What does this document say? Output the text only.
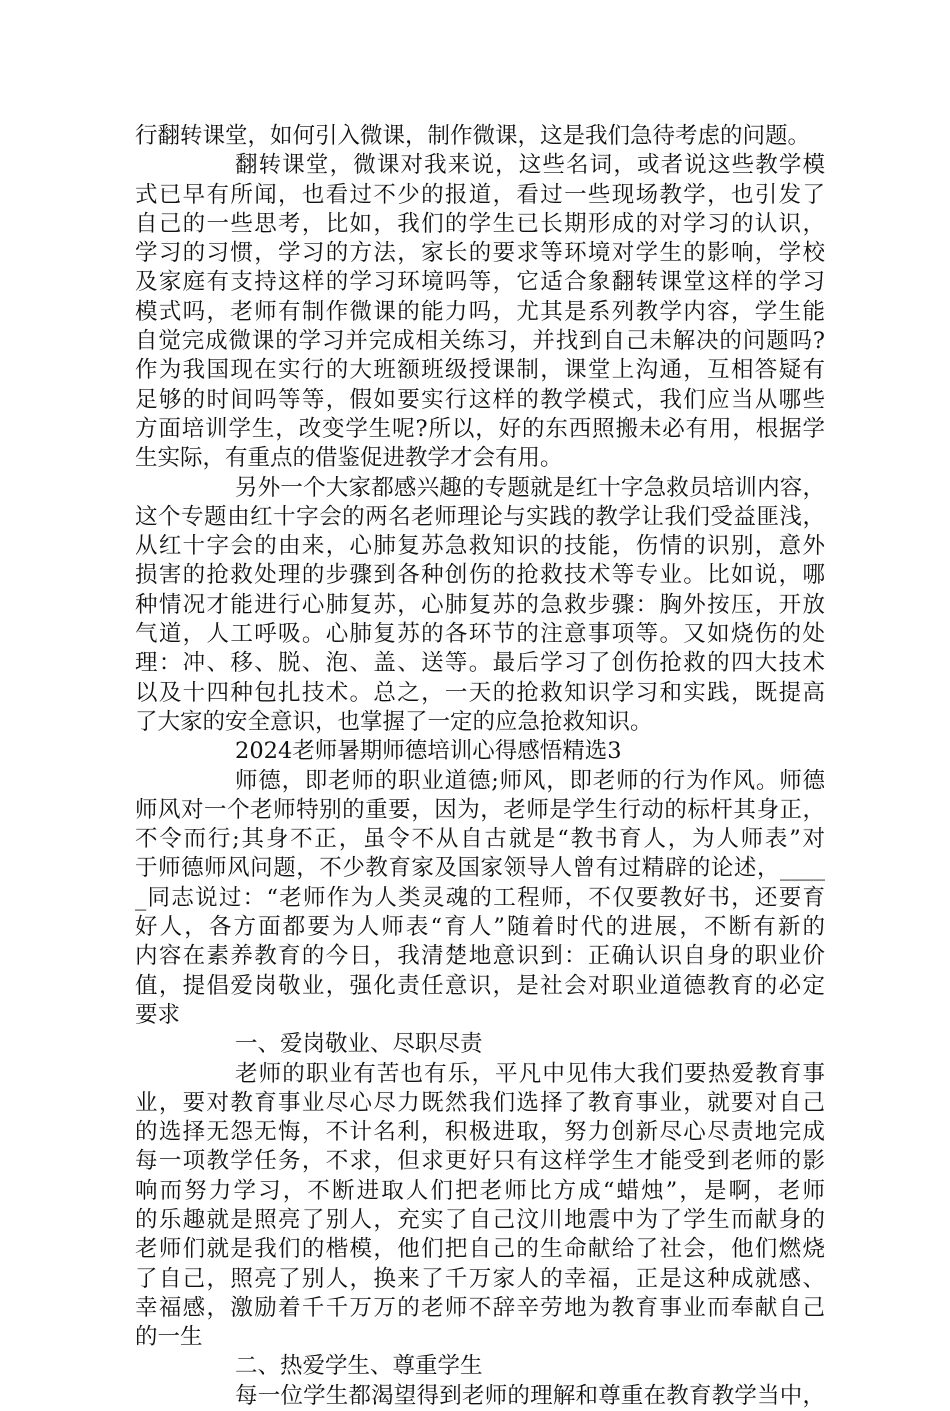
行翻转课堂，如何引入微课，制作微课，这是我们急待考虑的问题。
翻转课堂，微课对我来说，这些名词，或者说这些教学模
式已早有所闻，也看过不少的报道，看过一些现场教学，也引发了
自己的一些思考，比如，我们的学生已长期形成的对学习的认识，
学习的习惯，学习的方法，家长的要求等环境对学生的影响，学校
及家庭有支持这样的学习环境吗等，它适合象翻转课堂这样的学习
模式吗，老师有制作微课的能力吗，尤其是系列教学内容，学生能
自觉完成微课的学习并完成相关练习，并找到自己未解决的问题吗?
作为我国现在实行的大班额班级授课制，课堂上沟通，互相答疑有
足够的时间吗等等，假如要实行这样的教学模式，我们应当从哪些
方面培训学生，改变学生呢?所以，好的东西照搬未必有用，根据学
生实际，有重点的借鉴促进教学才会有用。
另外一个大家都感兴趣的专题就是红十字急救员培训内容，
这个专题由红十字会的两名老师理论与实践的教学让我们受益匪浅，
从红十字会的由来，心肺复苏急救知识的技能，伤情的识别，意外
损害的抢救处理的步骤到各种创伤的抢救技术等专业。比如说，哪
种情况才能进行心肺复苏，心肺复苏的急救步骤：胸外按压，开放
气道，人工呼吸。心肺复苏的各环节的注意事项等。又如烧伤的处
理：冲、移、脱、泡、盖、送等。最后学习了创伤抢救的四大技术
以及十四种包扎技术。总之，一天的抢救知识学习和实践，既提高
了大家的安全意识，也掌握了一定的应急抢救知识。
2024老师暑期师德培训心得感悟精选3
师德，即老师的职业道德;师风，即老师的行为作风。师德
师风对一个老师特别的重要，因为，老师是学生行动的标杆其身正，
不令而行;其身不正，虽令不从自古就是“教书育人，为人师表”对
于师德师风问题，不少教育家及国家领导人曾有过精辟的论述，____
_同志说过：“老师作为人类灵魂的工程师，不仅要教好书，还要育
好人，各方面都要为人师表“育人”随着时代的进展，不断有新的
内容在素养教育的今日，我清楚地意识到：正确认识自身的职业价
值，提倡爱岗敬业，强化责任意识，是社会对职业道德教育的必定
要求
一、爱岗敬业、尽职尽责
老师的职业有苦也有乐，平凡中见伟大我们要热爱教育事
业，要对教育事业尽心尽力既然我们选择了教育事业，就要对自己
的选择无怨无悔，不计名利，积极进取，努力创新尽心尽责地完成
每一项教学任务，不求，但求更好只有这样学生才能受到老师的影
响而努力学习，不断进取人们把老师比方成“蜡烛”，是啊，老师
的乐趣就是照亮了别人，充实了自己汶川地震中为了学生而献身的
老师们就是我们的楷模，他们把自己的生命献给了社会，他们燃烧
了自己，照亮了别人，换来了千万家人的幸福，正是这种成就感、
幸福感，激励着千千万万的老师不辞辛劳地为教育事业而奉献自己
的一生
二、热爱学生、尊重学生
每一位学生都渴望得到老师的理解和尊重在教育教学当中，
